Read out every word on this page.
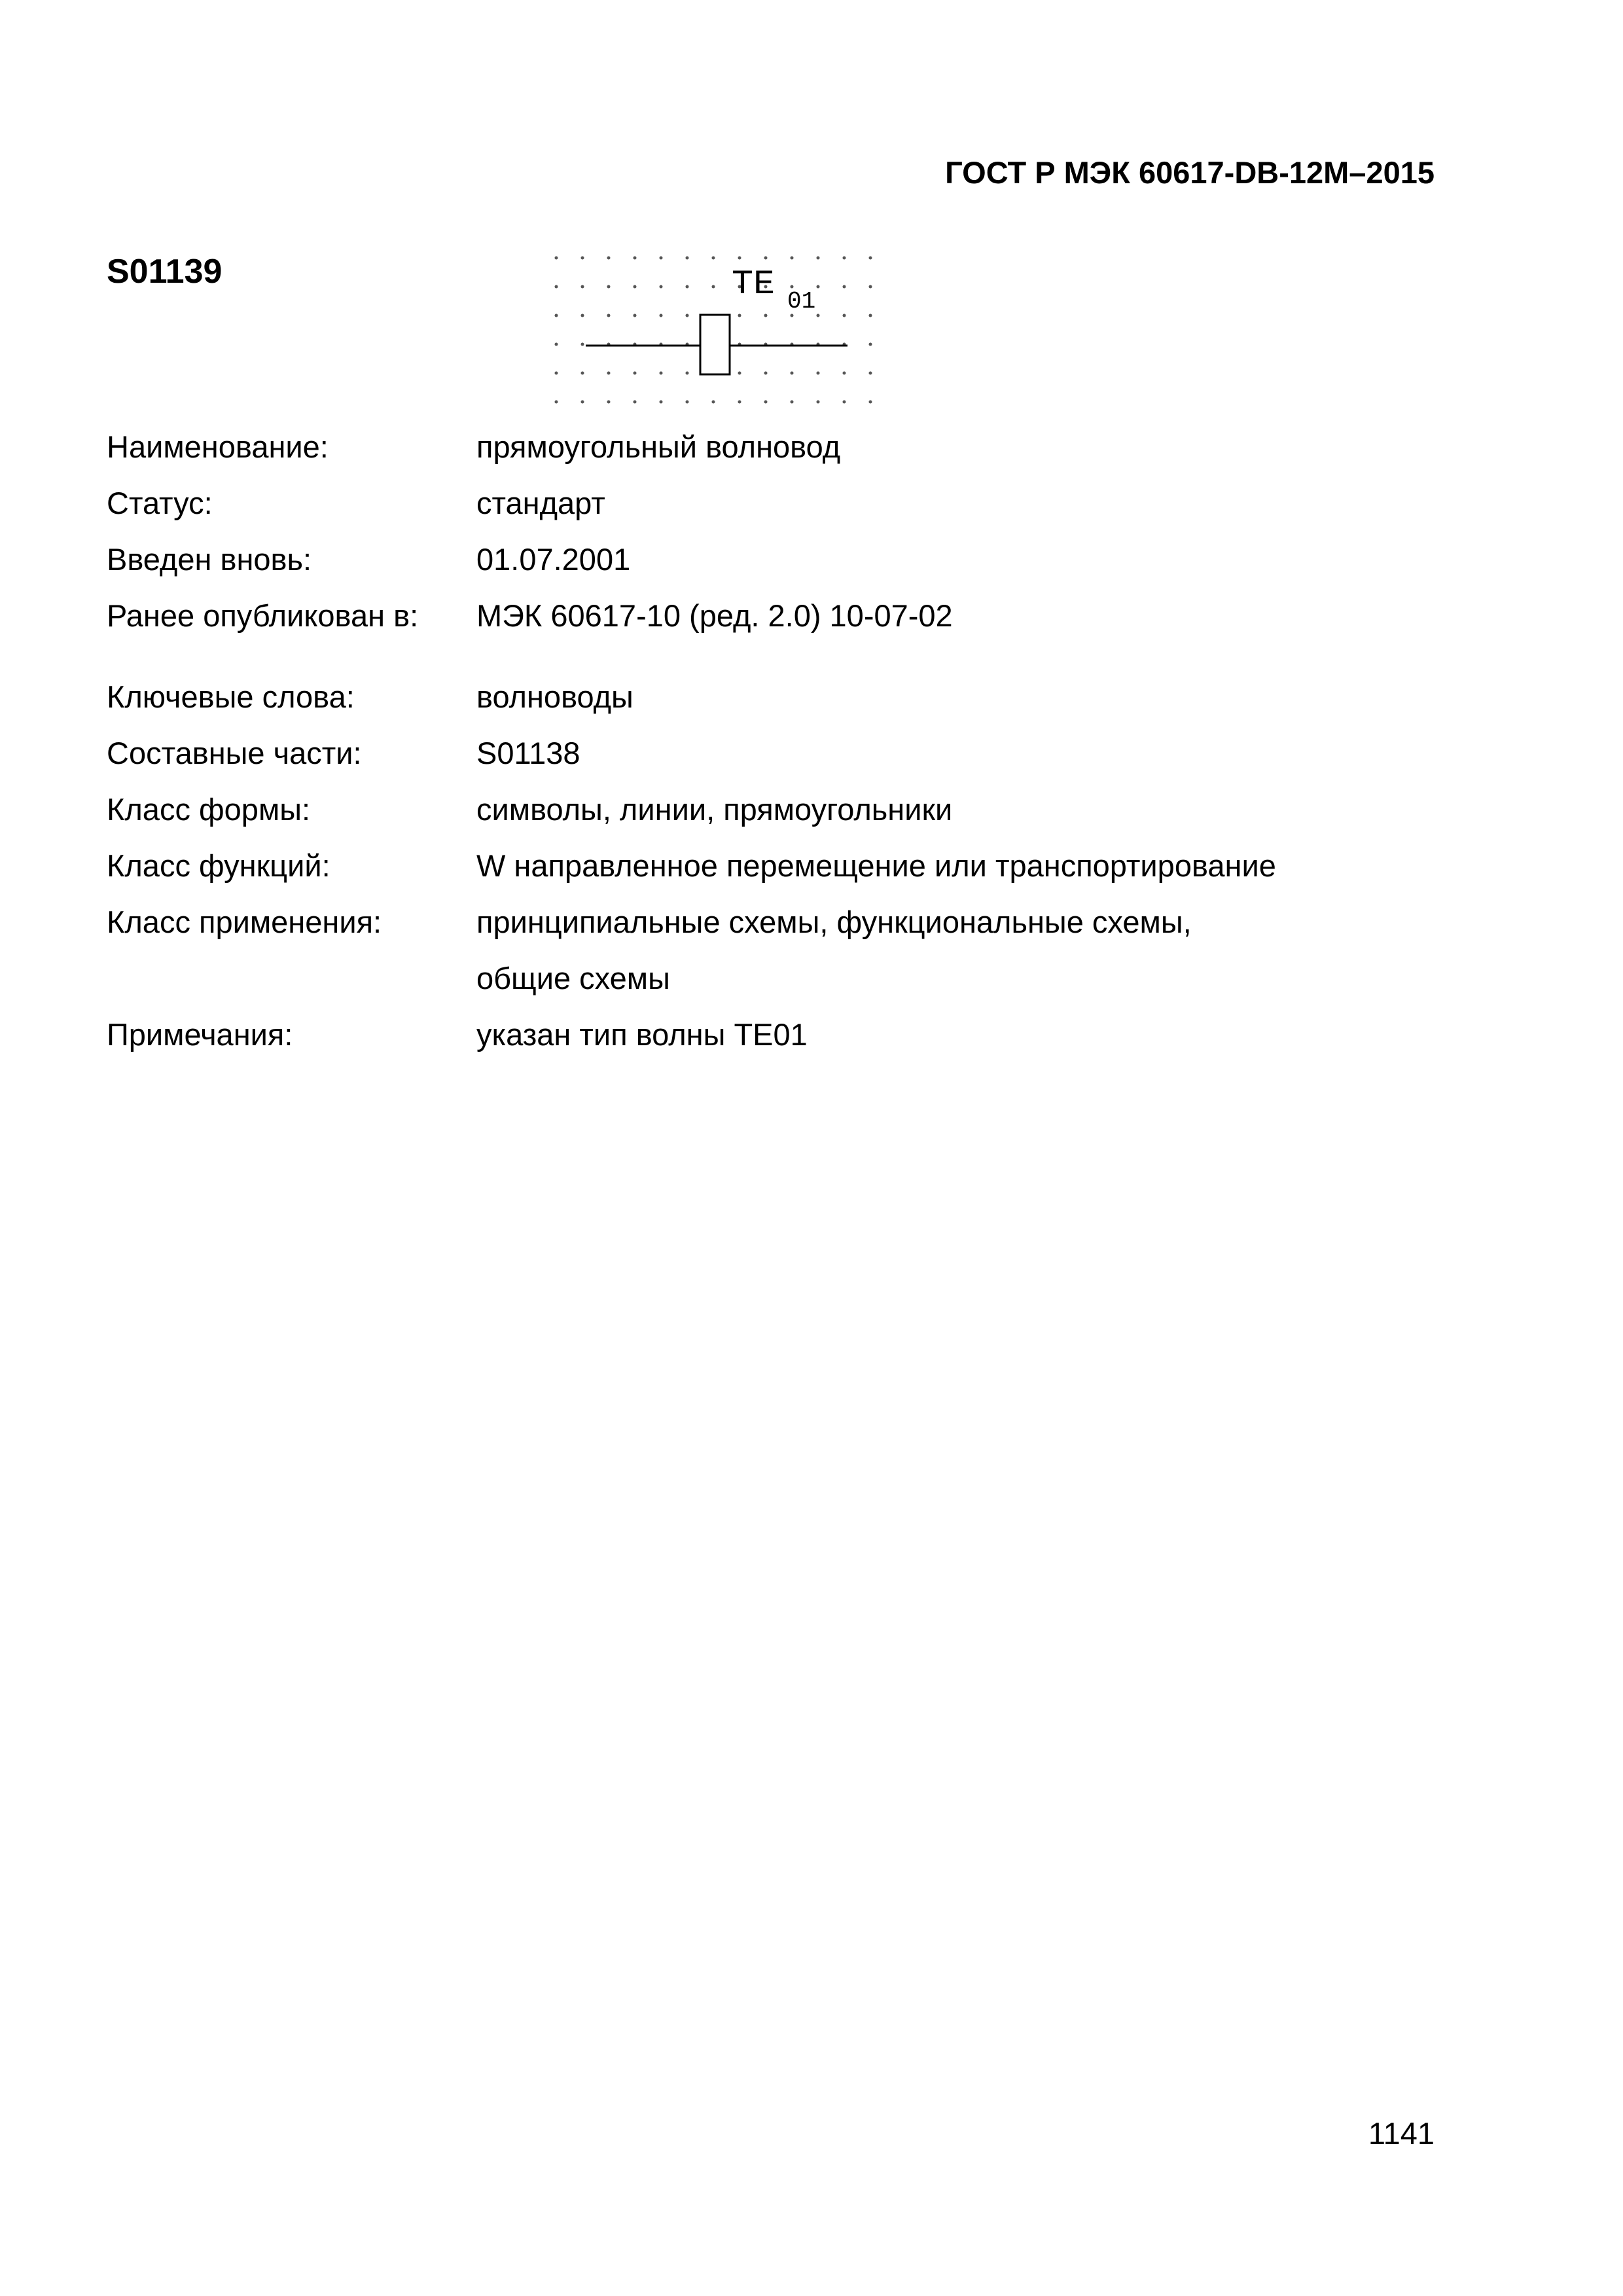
ГОСТ Р МЭК 60617-DB-12M–2015
S01139	TE 01
Наименование:	прямоугольный волновод
Статус:	стандарт
Введен вновь:	01.07.2001
Ранее опубликован в: МЭК 60617-10 (ред. 2.0) 10-07-02
Ключевые слова:	волноводы
Составные части:	S01138
Класс формы:	символы, линии, прямоугольники
Класс функций:	W направленное перемещение или транспортирование
Класс применения:	принципиальные схемы, функциональные схемы,
общие схемы
Примечания:	указан тип волны TE01
1141
